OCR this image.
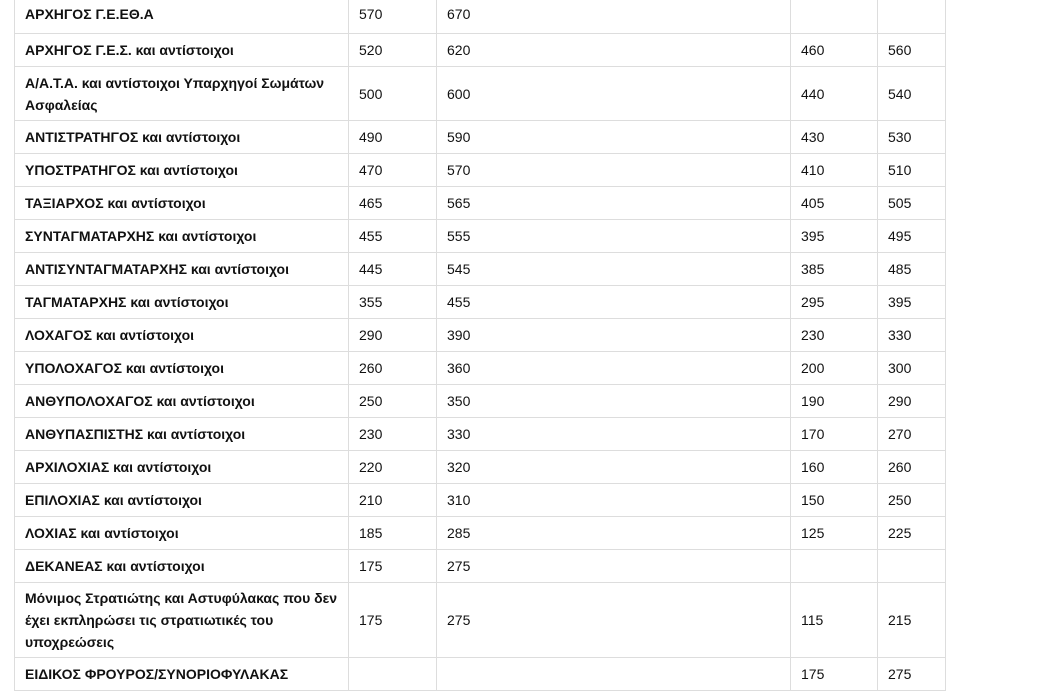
ΑΡΧΗΓΟΣ Γ.Ε.ΕΘ.Α	570	670		
ΑΡΧΗΓΟΣ Γ.Ε.Σ. και αντίστοιχοι	520	620	460	560
Α/Α.Τ.Α. και αντίστοιχοι Υπαρχηγοί Σωμάτων Ασφαλείας	500	600	440	540
ΑΝΤΙΣΤΡΑΤΗΓΟΣ και αντίστοιχοι	490	590	430	530
ΥΠΟΣΤΡΑΤΗΓΟΣ και αντίστοιχοι	470	570	410	510
ΤΑΞΙΑΡΧΟΣ και αντίστοιχοι	465	565	405	505
ΣΥΝΤΑΓΜΑΤΑΡΧΗΣ και αντίστοιχοι	455	555	395	495
ΑΝΤΙΣΥΝΤΑΓΜΑΤΑΡΧΗΣ και αντίστοιχοι	445	545	385	485
ΤΑΓΜΑΤΑΡΧΗΣ και αντίστοιχοι	355	455	295	395
ΛΟΧΑΓΟΣ και αντίστοιχοι	290	390	230	330
ΥΠΟΛΟΧΑΓΟΣ και αντίστοιχοι	260	360	200	300
ΑΝΘΥΠΟΛΟΧΑΓΟΣ και αντίστοιχοι	250	350	190	290
ΑΝΘΥΠΑΣΠΙΣΤΗΣ και αντίστοιχοι	230	330	170	270
ΑΡΧΙΛΟΧΙΑΣ και αντίστοιχοι	220	320	160	260
ΕΠΙΛΟΧΙΑΣ και αντίστοιχοι	210	310	150	250
ΛΟΧΙΑΣ και αντίστοιχοι	185	285	125	225
ΔΕΚΑΝΕΑΣ και αντίστοιχοι	175	275		
Μόνιμος Στρατιώτης και Αστυφύλακας που δεν έχει εκπληρώσει τις στρατιωτικές του υποχρεώσεις	175	275	115	215
ΕΙΔΙΚΟΣ ΦΡΟΥΡΟΣ/ΣΥΝΟΡΙΟΦΥΛΑΚΑΣ			175	275
